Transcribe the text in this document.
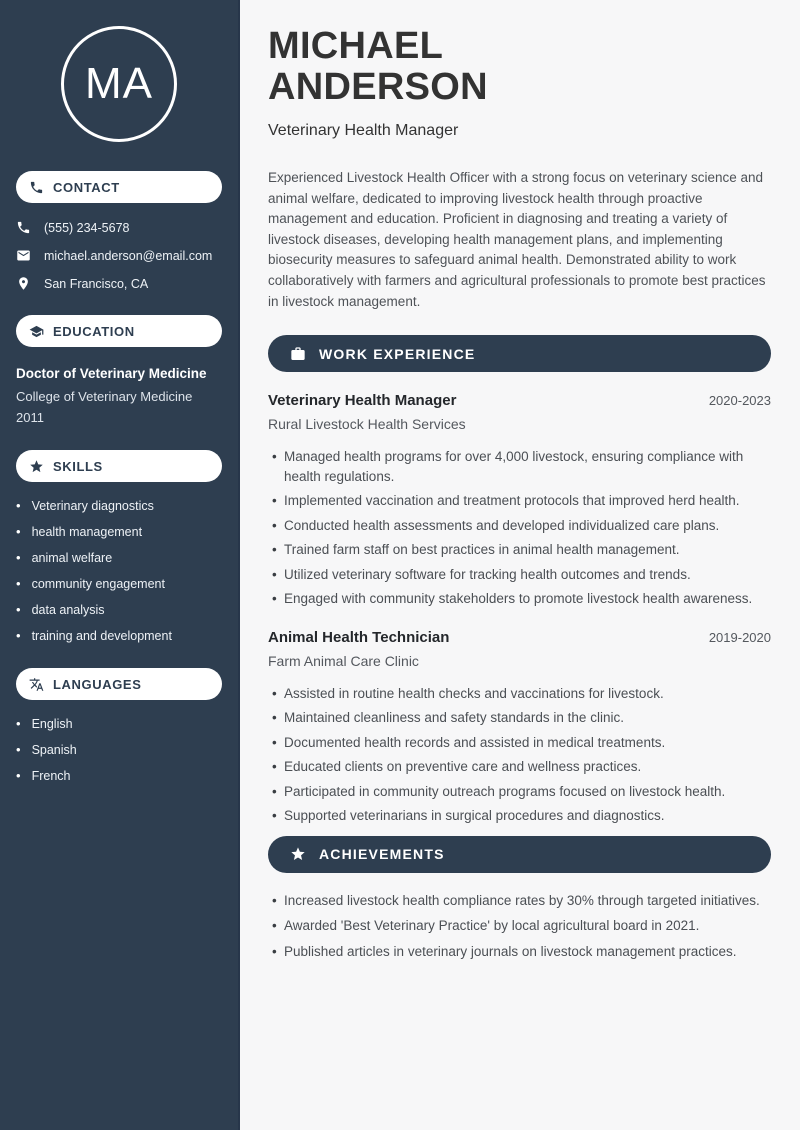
MA
CONTACT
(555) 234-5678
michael.anderson@email.com
San Francisco, CA
EDUCATION
Doctor of Veterinary Medicine
College of Veterinary Medicine
2011
SKILLS
• Veterinary diagnostics
• health management
• animal welfare
• community engagement
• data analysis
• training and development
LANGUAGES
• English
• Spanish
• French
MICHAEL
ANDERSON
Veterinary Health Manager

Experienced Livestock Health Officer with a strong focus on veterinary science and animal welfare, dedicated to improving livestock health through proactive management and education. Proficient in diagnosing and treating a variety of livestock diseases, developing health management plans, and implementing biosecurity measures to safeguard animal health. Demonstrated ability to work collaboratively with farmers and agricultural professionals to promote best practices in livestock management.

WORK EXPERIENCE
Veterinary Health Manager	2020-2023
Rural Livestock Health Services
• Managed health programs for over 4,000 livestock, ensuring compliance with health regulations.
• Implemented vaccination and treatment protocols that improved herd health.
• Conducted health assessments and developed individualized care plans.
• Trained farm staff on best practices in animal health management.
• Utilized veterinary software for tracking health outcomes and trends.
• Engaged with community stakeholders to promote livestock health awareness.
Animal Health Technician	2019-2020
Farm Animal Care Clinic
• Assisted in routine health checks and vaccinations for livestock.
• Maintained cleanliness and safety standards in the clinic.
• Documented health records and assisted in medical treatments.
• Educated clients on preventive care and wellness practices.
• Participated in community outreach programs focused on livestock health.
• Supported veterinarians in surgical procedures and diagnostics.
ACHIEVEMENTS
• Increased livestock health compliance rates by 30% through targeted initiatives.
• Awarded 'Best Veterinary Practice' by local agricultural board in 2021.
• Published articles in veterinary journals on livestock management practices.
